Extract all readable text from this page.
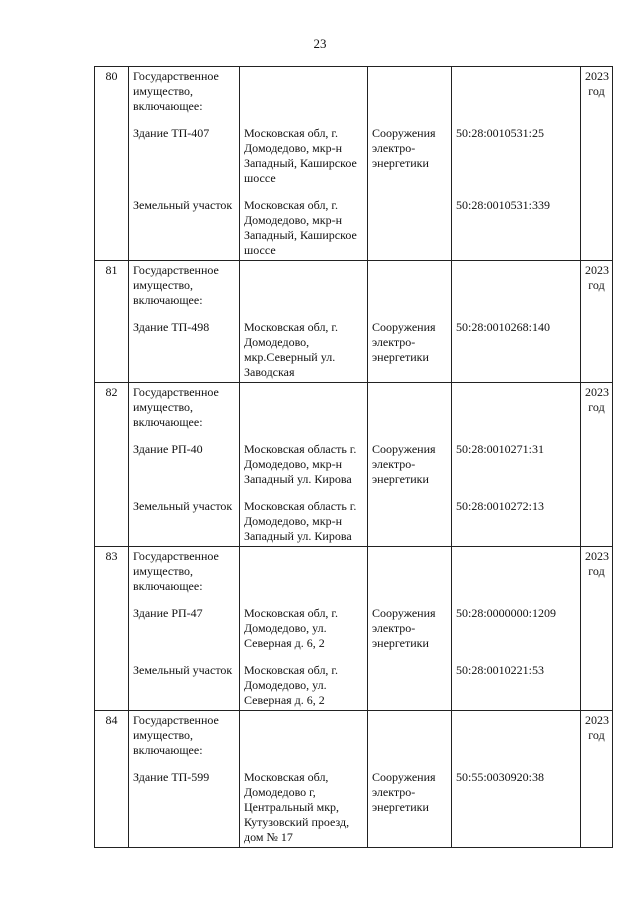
23
80	Государственное имущество, включающее:				2023 год

	Здание ТП-407	Московская обл, г. Домодедово, мкр-н Западный, Каширское шоссе	Сооружения электро-энергетики	50:28:0010531:25	

	Земельный участок	Московская обл, г. Домодедово, мкр-н Западный, Каширское шоссе		50:28:0010531:339	
81	Государственное имущество, включающее:				2023 год

	Здание ТП-498	Московская обл, г. Домодедово, мкр.Северный ул. Заводская	Сооружения электро-энергетики	50:28:0010268:140	
82	Государственное имущество, включающее:				2023 год

	Здание РП-40	Московская область г. Домодедово, мкр-н Западный ул. Кирова	Сооружения электро-энергетики	50:28:0010271:31	

	Земельный участок	Московская область г. Домодедово, мкр-н Западный ул. Кирова		50:28:0010272:13	
83	Государственное имущество, включающее:				2023 год

	Здание РП-47	Московская обл, г. Домодедово, ул. Северная д. 6, 2	Сооружения электро-энергетики	50:28:0000000:1209	

	Земельный участок	Московская обл, г. Домодедово, ул. Северная д. 6, 2		50:28:0010221:53	
84	Государственное имущество, включающее:				2023 год

	Здание ТП-599	Московская обл, Домодедово г, Центральный мкр, Кутузовский проезд, дом № 17	Сооружения электро-энергетики	50:55:0030920:38	
